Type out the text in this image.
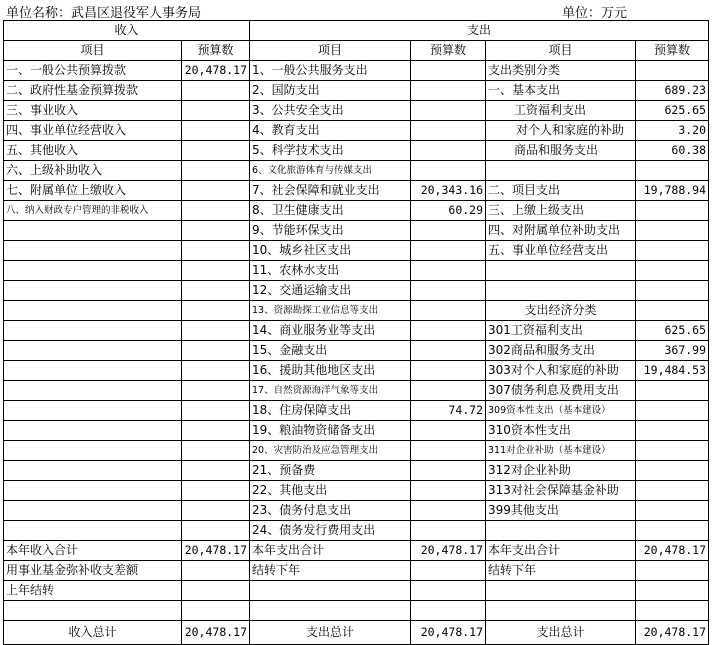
单位名称：武昌区退役军人事务局	单位：万元
收入		支出			
项目	预算数	项目	预算数	项目	预算数
一、一般公共预算拨款	20,478.17	1、一般公共服务支出		支出类别分类	
二、政府性基金预算拨款		2、国防支出		一、基本支出	689.23
三、事业收入		3、公共安全支出		工资福利支出	625.65
四、事业单位经营收入		4、教育支出		对个人和家庭的补助	3.20
五、其他收入		5、科学技术支出		商品和服务支出	60.38
六、上级补助收入		6、文化旅游体育与传媒支出			
七、附属单位上缴收入		7、社会保障和就业支出	20,343.16	二、项目支出	19,788.94
八、纳入财政专户管理的非税收入		8、卫生健康支出	60.29	三、上缴上级支出	
		9、节能环保支出		四、对附属单位补助支出	
		10、城乡社区支出		五、事业单位经营支出	
		11、农林水支出			
		12、交通运输支出			
		13、资源勘探工业信息等支出		支出经济分类	
		14、商业服务业等支出		301工资福利支出	625.65
		15、金融支出		302商品和服务支出	367.99
		16、援助其他地区支出		303对个人和家庭的补助	19,484.53
		17、自然资源海洋气象等支出		307债务利息及费用支出	
		18、住房保障支出	74.72	309资本性支出（基本建设）	
		19、粮油物资储备支出		310资本性支出	
		20、灾害防治及应急管理支出		311对企业补助（基本建设）	
		21、预备费		312对企业补助	
		22、其他支出		313对社会保障基金补助	
		23、债务付息支出		399其他支出	
		24、债务发行费用支出			
本年收入合计	20,478.17	本年支出合计	20,478.17	本年支出合计	20,478.17
用事业基金弥补收支差额		结转下年		结转下年	
上年结转					

收入总计	20,478.17	支出总计	20,478.17	支出总计	20,478.17
